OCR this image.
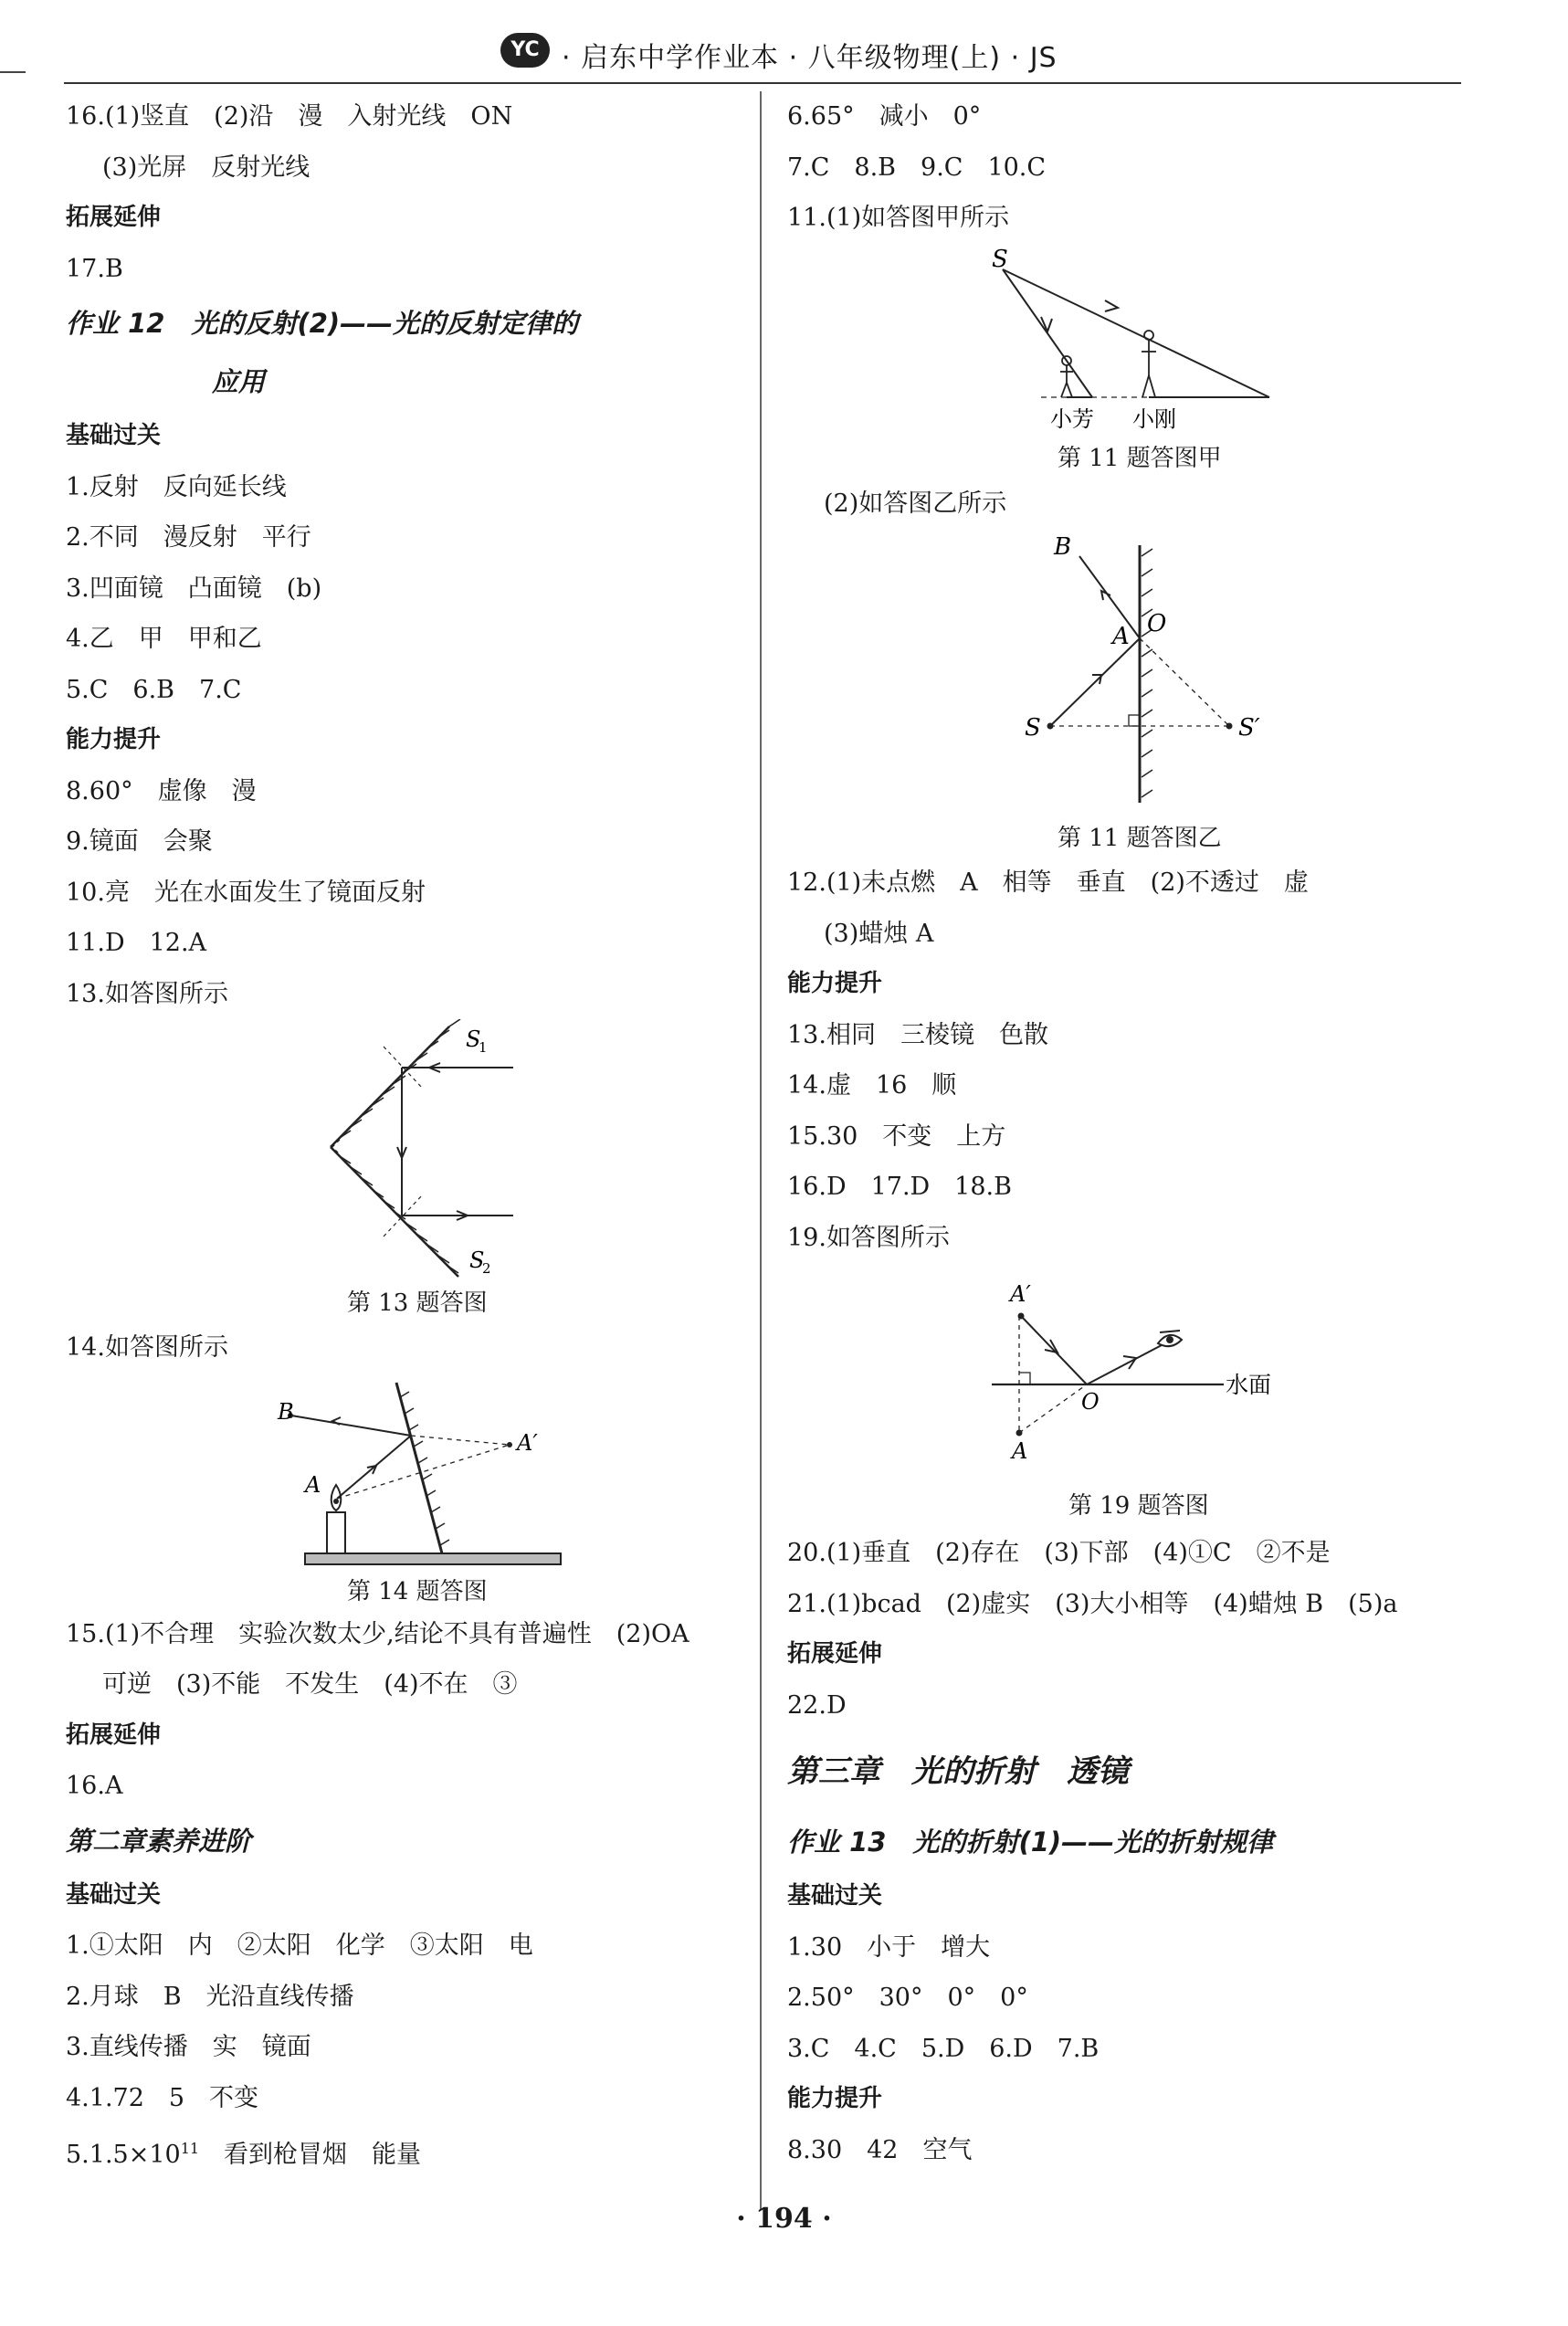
YC · 启东中学作业本 · 八年级物理(上) · JS
16.(1)竖直　(2)沿　漫　入射光线　ON
(3)光屏　反射光线
拓展延伸
17.B
作业 12　光的反射(2)——光的反射定律的
应用
基础过关
1.反射　反向延长线
2.不同　漫反射　平行
3.凹面镜　凸面镜　(b)
4.乙　甲　甲和乙
5.C　6.B　7.C
能力提升
8.60°　虚像　漫
9.镜面　会聚
10.亮　光在水面发生了镜面反射
11.D　12.A
13.如答图所示
S
1
S
2
第 13 题答图
14.如答图所示
B
A
A′
第 14 题答图
15.(1)不合理　实验次数太少,结论不具有普遍性　(2)OA
可逆　(3)不能　不发生　(4)不在　③
拓展延伸
16.A
第二章素养进阶
基础过关
1.①太阳　内　②太阳　化学　③太阳　电
2.月球　B　光沿直线传播
3.直线传播　实　镜面
4.1.72　5　不变
$5.1.5\times 10^{11}$　看到枪冒烟　能量
6.65°　减小　0°
7.C　8.B　9.C　10.C
11.(1)如答图甲所示
S
小芳 小刚
第 11 题答图甲
(2)如答图乙所示
B
A O
S	S′
第 11 题答图乙
12.(1)未点燃　A　相等　垂直　(2)不透过　虚
(3)蜡烛 A
能力提升
13.相同　三棱镜　色散
14.虚　16　顺
15.30　不变　上方
16.D　17.D　18.B
19.如答图所示
A′
O
A
水面
第 19 题答图
20.(1)垂直　(2)存在　(3)下部　(4)①C　②不是
21.(1)bcad　(2)虚实　(3)大小相等　(4)蜡烛 B　(5)a
拓展延伸
22.D
第三章　光的折射　透镜
作业 13　光的折射(1)——光的折射规律
基础过关
1.30　小于　增大
2.50°　30°　0°　0°
3.C　4.C　5.D　6.D　7.B
能力提升
8.30　42　空气
· 194 ·
